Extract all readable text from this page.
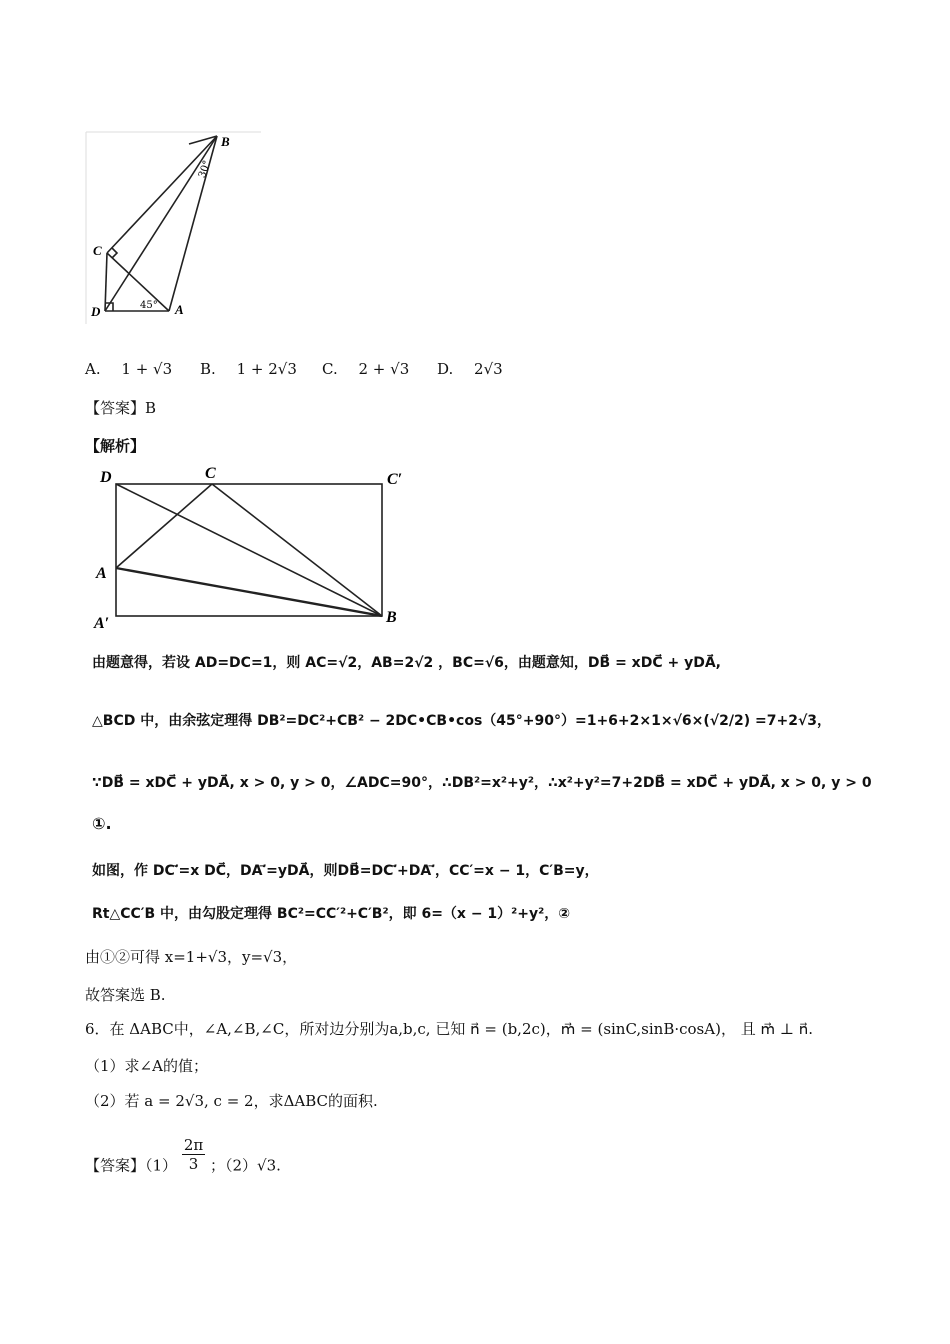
B
C
D	A
30°
45°
A. 1 + √3 B. 1 + 2√3 C. 2 + √3 D. 2√3
【答案】B
【解析】
D	C	C′
A
A′	B
由题意得，若设 AD=DC=1，则 AC=√2，AB=2√2 ，BC=√6，由题意知，DB⃗ = xDC⃗ + yDA⃗,
△BCD 中，由余弦定理得 DB²=DC²+CB² − 2DC•CB•cos（45°+90°）=1+6+2×1×√6×(√2/2) =7+2√3，
∵DB⃗ = xDC⃗ + yDA⃗, x > 0, y > 0，∠ADC=90°，∴DB²=x²+y²，∴x²+y²=7+2DB⃗ = xDC⃗ + yDA⃗, x > 0, y > 0
①.
如图，作 DC′⃗=x DC⃗，DA′⃗=yDA⃗，则DB⃗=DC′⃗+DA′⃗，CC′=x − 1，C′B=y，
Rt△CC′B 中，由勾股定理得 BC²=CC′²+C′B²，即 6=（x − 1）²+y²，②
由①②可得 x=1+√3，y=√3，
故答案选 B.
6．在 ΔABC中，∠A,∠B,∠C，所对边分别为a,b,c, 已知 n⃗ = (b,2c)，m⃗ = (sinC,sinB·cosA)， 且 m⃗ ⊥ n⃗.
（1）求∠A的值；
（2）若 a = 2√3, c = 2，求ΔABC的面积.
【答案】$(1) \frac{2\pi}{3}$ ；（2）√3.
